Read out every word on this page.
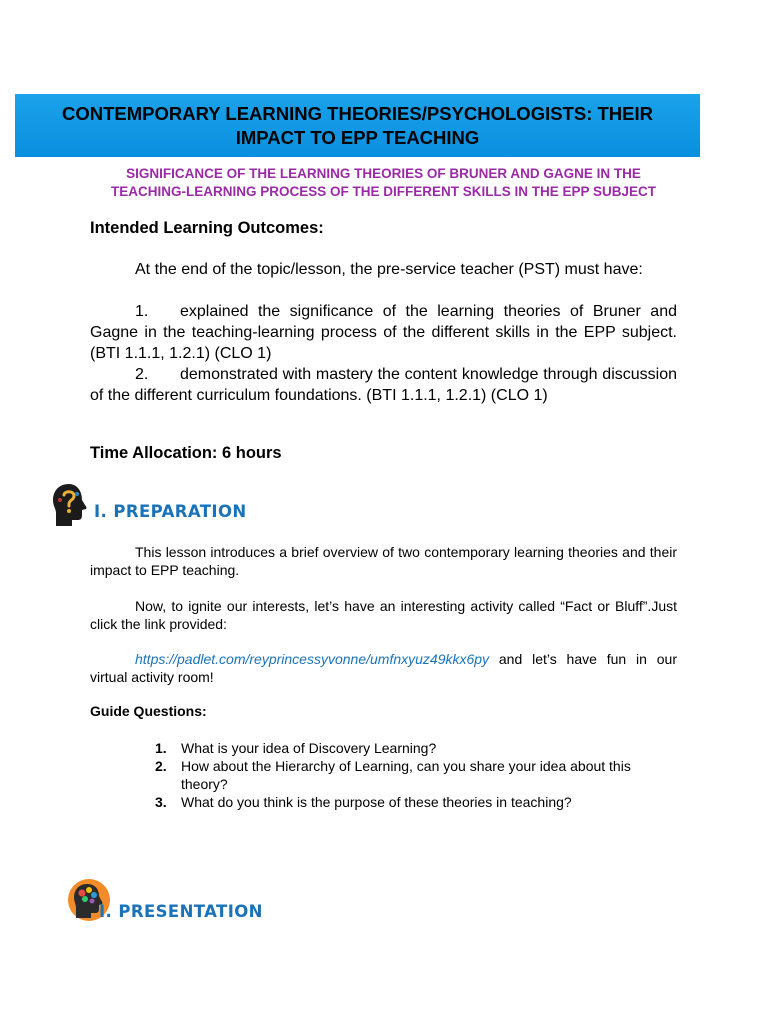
CONTEMPORARY LEARNING THEORIES/PSYCHOLOGISTS: THEIR IMPACT TO EPP TEACHING
SIGNIFICANCE OF THE LEARNING THEORIES OF BRUNER AND GAGNE IN THE TEACHING-LEARNING PROCESS OF THE DIFFERENT SKILLS IN THE EPP SUBJECT
Intended Learning Outcomes:
At the end of the topic/lesson, the pre-service teacher (PST) must have:
1. explained the significance of the learning theories of Bruner and Gagne in the teaching-learning process of the different skills in the EPP subject. (BTI 1.1.1, 1.2.1) (CLO 1)
2. demonstrated with mastery the content knowledge through discussion of the different curriculum foundations. (BTI 1.1.1, 1.2.1) (CLO 1)
Time Allocation: 6 hours
I. PREPARATION
This lesson introduces a brief overview of two contemporary learning theories and their impact to EPP teaching.
Now, to ignite our interests, let’s have an interesting activity called “Fact or Bluff”.Just click the link provided:
https://padlet.com/reyprincessyvonne/umfnxyuz49kkx6py and let’s have fun in our virtual activity room!
Guide Questions:
1.	What is your idea of Discovery Learning?
2.	How about the Hierarchy of Learning, can you share your idea about this theory?
3.	What do you think is the purpose of these theories in teaching?
I. PRESENTATION
